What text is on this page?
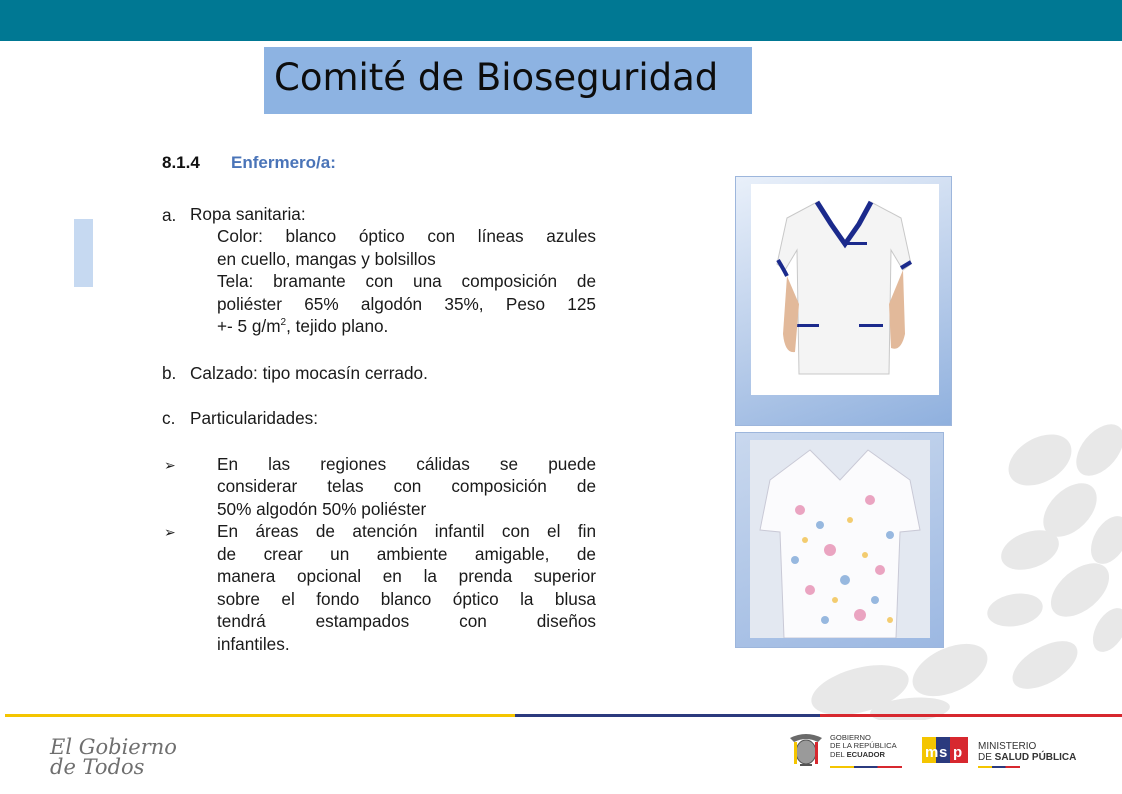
Comité de Bioseguridad
8.1.4 Enfermero/a:
a. Ropa sanitaria:
Color: blanco óptico con líneas azules
en cuello, mangas y bolsillos
Tela: bramante con una composición de
poliéster 65% algodón 35%, Peso 125
+- 5 $g/m^2$, tejido plano.
b. Calzado: tipo mocasín cerrado.
c. Particularidades:
➢ En las regiones cálidas se puede
considerar telas con composición de
50% algodón 50% poliéster
➢ En áreas de atención infantil con el fin
de crear un ambiente amigable, de
manera opcional en la prenda superior
sobre el fondo blanco óptico la blusa
tendrá estampados con diseños
infantiles.
El Gobierno
de Todos
GOBIERNO
DE LA REPÚBLICA
DEL ECUADOR	m s p MINISTERIO
DE SALUD PÚBLICA
